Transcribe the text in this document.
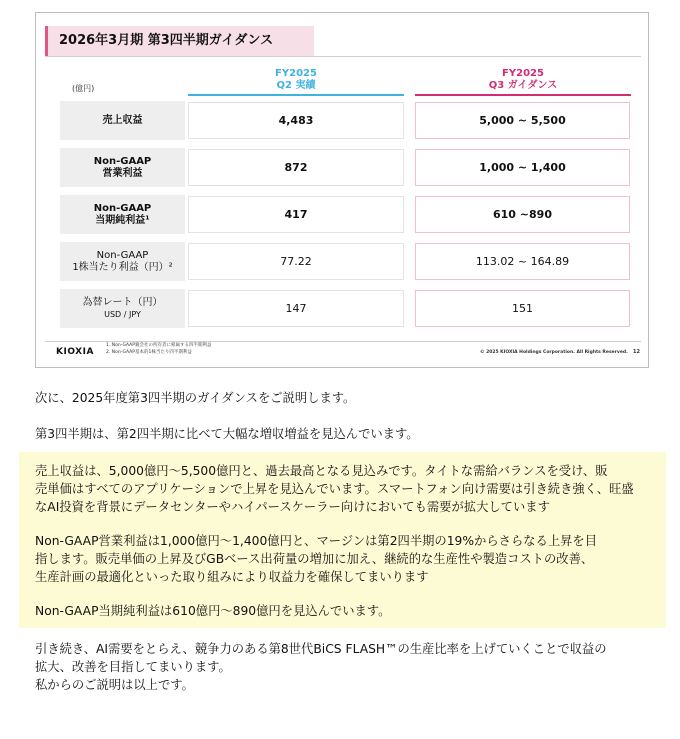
2026年3月期 第3四半期ガイダンス
(億円)
FY2025
Q2 実績
FY2025
Q3 ガイダンス
売上収益	4,483	5,000 ~ 5,500
Non-GAAP
営業利益	872	1,000 ~ 1,400
Non-GAAP
当期純利益¹	417	610 ~890
Non-GAAP
1株当たり利益（円）²	77.22	113.02 ~ 164.89
為替レート（円）
USD / JPY	147	151
KIOXIA
1. Non-GAAP親会社の所有者に帰属する四半期利益
2. Non-GAAP基本的1株当たり四半期利益	© 2025 KIOXIA Holdings Corporation. All Rights Reserved. 12
次に、2025年度第3四半期のガイダンスをご説明します。
第3四半期は、第2四半期に比べて大幅な増収増益を見込んでいます。
売上収益は、5,000億円～5,500億円と、過去最高となる見込みです。タイトな需給バランスを受け、販
売単価はすべてのアプリケーションで上昇を見込んでいます。スマートフォン向け需要は引き続き強く、旺盛
なAI投資を背景にデータセンターやハイパースケーラー向けにおいても需要が拡大しています
Non-GAAP営業利益は1,000億円～1,400億円と、マージンは第2四半期の19%からさらなる上昇を目
指します。販売単価の上昇及びGBベース出荷量の増加に加え、継続的な生産性や製造コストの改善、
生産計画の最適化といった取り組みにより収益力を確保してまいります
Non-GAAP当期純利益は610億円～890億円を見込んでいます。
引き続き、AI需要をとらえ、競争力のある第8世代BiCS FLASH™の生産比率を上げていくことで収益の
拡大、改善を目指してまいります。
私からのご説明は以上です。
